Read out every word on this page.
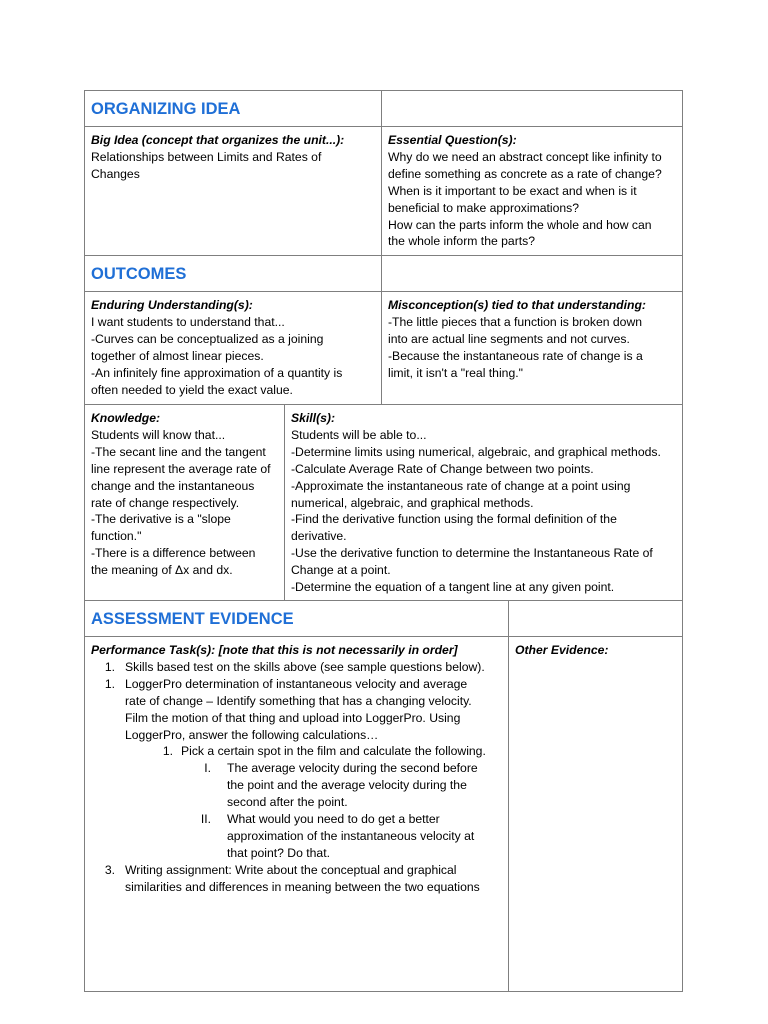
ORGANIZING IDEA
Big Idea (concept that organizes the unit...):
Relationships between Limits and Rates of
Changes
Essential Question(s):
Why do we need an abstract concept like infinity to
define something as concrete as a rate of change?
When is it important to be exact and when is it
beneficial to make approximations?
How can the parts inform the whole and how can
the whole inform the parts?
OUTCOMES
Enduring Understanding(s):
I want students to understand that...
-Curves can be conceptualized as a joining
together of almost linear pieces.
-An infinitely fine approximation of a quantity is
often needed to yield the exact value.
Misconception(s) tied to that understanding:
-The little pieces that a function is broken down
into are actual line segments and not curves.
-Because the instantaneous rate of change is a
limit, it isn't a "real thing."
Knowledge:
Students will know that...
-The secant line and the tangent
line represent the average rate of
change and the instantaneous
rate of change respectively.
-The derivative is a "slope
function."
-There is a difference between
the meaning of Δx and dx.
Skill(s):
Students will be able to...
-Determine limits using numerical, algebraic, and graphical methods.
-Calculate Average Rate of Change between two points.
-Approximate the instantaneous rate of change at a point using
numerical, algebraic, and graphical methods.
-Find the derivative function using the formal definition of the
derivative.
-Use the derivative function to determine the Instantaneous Rate of
Change at a point.
-Determine the equation of a tangent line at any given point.
ASSESSMENT EVIDENCE
Performance Task(s): [note that this is not necessarily in order]
1. Skills based test on the skills above (see sample questions below).
1. LoggerPro determination of instantaneous velocity and average
rate of change – Identify something that has a changing velocity.
Film the motion of that thing and upload into LoggerPro. Using
LoggerPro, answer the following calculations…
1. Pick a certain spot in the film and calculate the following.
I. The average velocity during the second before
the point and the average velocity during the
second after the point.
II. What would you need to do get a better
approximation of the instantaneous velocity at
that point? Do that.
3. Writing assignment: Write about the conceptual and graphical
similarities and differences in meaning between the two equations
Other Evidence:
